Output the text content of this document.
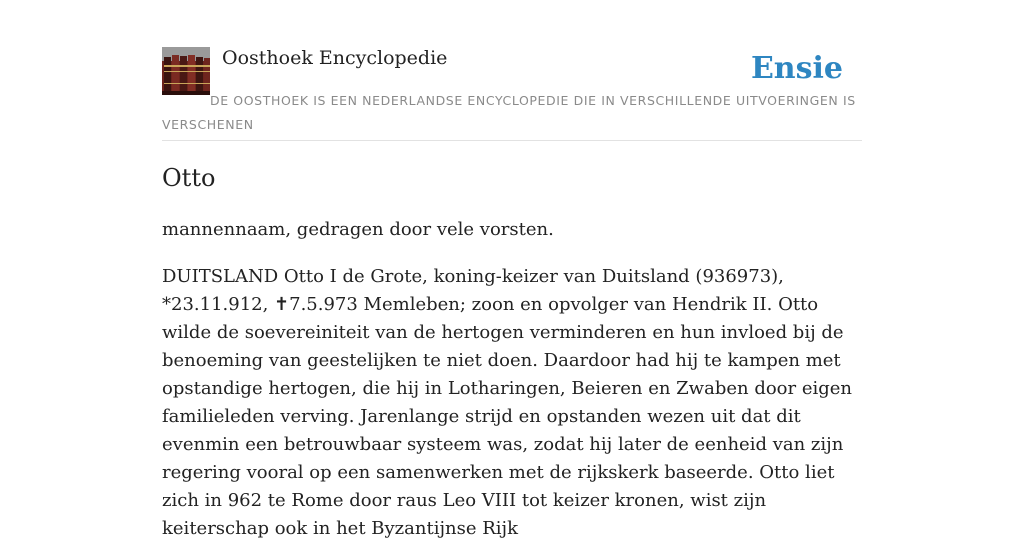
Oosthoek Encyclopedie	Ensie
DE OOSTHOEK IS EEN NEDERLANDSE ENCYCLOPEDIE DIE IN VERSCHILLENDE UITVOERINGEN IS VERSCHENEN
Otto

mannennaam, gedragen door vele vorsten.

DUITSLAND Otto I de Grote, koning-keizer van Duitsland (936973), *23.11.912, ✝7.5.973 Memleben; zoon en opvolger van Hendrik II. Otto wilde de soevereiniteit van de hertogen verminderen en hun invloed bij de benoeming van geestelijken te niet doen. Daardoor had hij te kampen met opstandige hertogen, die hij in Lotharingen, Beieren en Zwaben door eigen familieleden verving. Jarenlange strijd en opstanden wezen uit dat dit evenmin een betrouwbaar systeem was, zodat hij later de eenheid van zijn regering vooral op een samenwerken met de rijkskerk baseerde. Otto liet zich in 962 te Rome door raus Leo VIII tot keizer kronen, wist zijn keiterschap ook in het Byzantijnse Rijk
